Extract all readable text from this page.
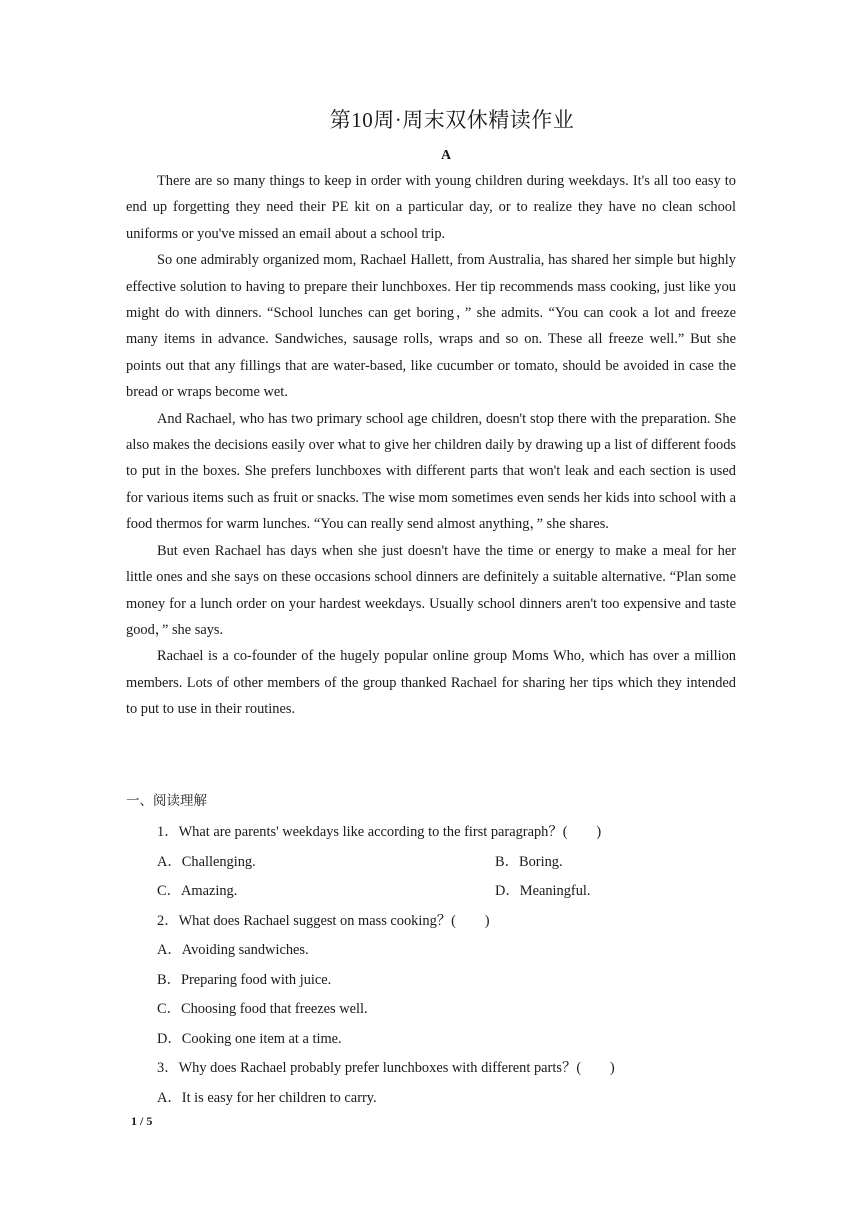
第10周·周末双休精读作业
A

There are so many things to keep in order with young children during weekdays. It's all too easy to end up forgetting they need their PE kit on a particular day, or to realize they have no clean school uniforms or you've missed an email about a school trip.

So one admirably organized mom, Rachael Hallett, from Australia, has shared her simple but highly effective solution to having to prepare their lunchboxes. Her tip recommends mass cooking, just like you might do with dinners. “School lunches can get boring，” she admits. “You can cook a lot and freeze many items in advance. Sandwiches, sausage rolls, wraps and so on. These all freeze well.” But she points out that any fillings that are water-based, like cucumber or tomato, should be avoided in case the bread or wraps become wet.

And Rachael, who has two primary school age children, doesn't stop there with the preparation. She also makes the decisions easily over what to give her children daily by drawing up a list of different foods to put in the boxes. She prefers lunchboxes with different parts that won't leak and each section is used for various items such as fruit or snacks. The wise mom sometimes even sends her kids into school with a food thermos for warm lunches. “You can really send almost anything，” she shares.

But even Rachael has days when she just doesn't have the time or energy to make a meal for her little ones and she says on these occasions school dinners are definitely a suitable alternative. “Plan some money for a lunch order on your hardest weekdays. Usually school dinners aren't too expensive and taste good，” she says.

Rachael is a co-founder of the hugely popular online group Moms Who, which has over a million members. Lots of other members of the group thanked Rachael for sharing her tips which they intended to put to use in their routines.

一、阅读理解
1．What are parents' weekdays like according to the first paragraph？(　　)
A．Challenging.	B．Boring.
C．Amazing.	D．Meaningful.
2．What does Rachael suggest on mass cooking？(　　)
A．Avoiding sandwiches.
B．Preparing food with juice.
C．Choosing food that freezes well.
D．Cooking one item at a time.
3．Why does Rachael probably prefer lunchboxes with different parts？(　　)
A．It is easy for her children to carry.
1 / 5
